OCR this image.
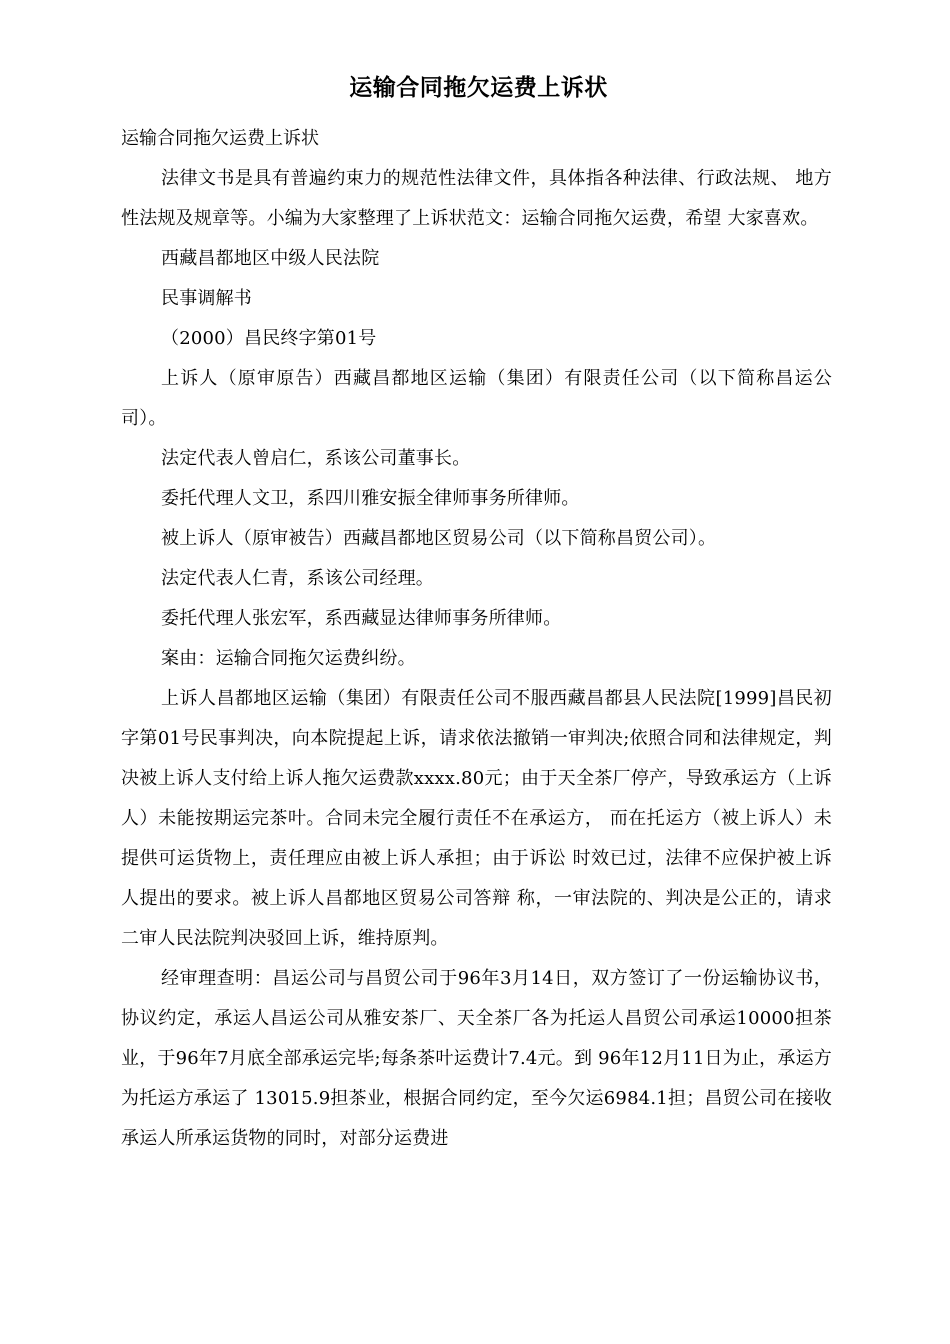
运输合同拖欠运费上诉状
运输合同拖欠运费上诉状

法律文书是具有普遍约束力的规范性法律文件，具体指各种法律、行政法规、 地方性法规及规章等。小编为大家整理了上诉状范文：运输合同拖欠运费，希望 大家喜欢。

西藏昌都地区中级人民法院

民事调解书

（2000）昌民终字第01号

上诉人（原审原告）西藏昌都地区运输（集团）有限责任公司（以下简称昌运公 司）。

法定代表人曾启仁，系该公司董事长。

委托代理人文卫，系四川雅安振全律师事务所律师。

被上诉人（原审被告）西藏昌都地区贸易公司（以下简称昌贸公司）。

法定代表人仁青，系该公司经理。

委托代理人张宏军，系西藏显达律师事务所律师。

案由：运输合同拖欠运费纠纷。

上诉人昌都地区运输（集团）有限责任公司不服西藏昌都县人民法院[1999]昌民初字第01号民事判决，向本院提起上诉，请求依法撤销一审判决;依照合同和法律规定，判决被上诉人支付给上诉人拖欠运费款xxxx.80元；由于天全茶厂停产，导致承运方（上诉人）未能按期运完茶叶。合同未完全履行责任不在承运方， 而在托运方（被上诉人）未提供可运货物上，责任理应由被上诉人承担；由于诉讼 时效已过，法律不应保护被上诉人提出的要求。被上诉人昌都地区贸易公司答辩 称，一审法院的、判决是公正的，请求二审人民法院判决驳回上诉，维持原判。

经审理查明：昌运公司与昌贸公司于96年3月14日，双方签订了一份运输协议书，协议约定，承运人昌运公司从雅安茶厂、天全茶厂各为托运人昌贸公司承运10000担茶业，于96年7月底全部承运完毕;每条茶叶运费计7.4元。到 96年12月11日为止，承运方为托运方承运了 13015.9担茶业，根据合同约定，至今欠运6984.1担；昌贸公司在接收承运人所承运货物的同时，对部分运费进
